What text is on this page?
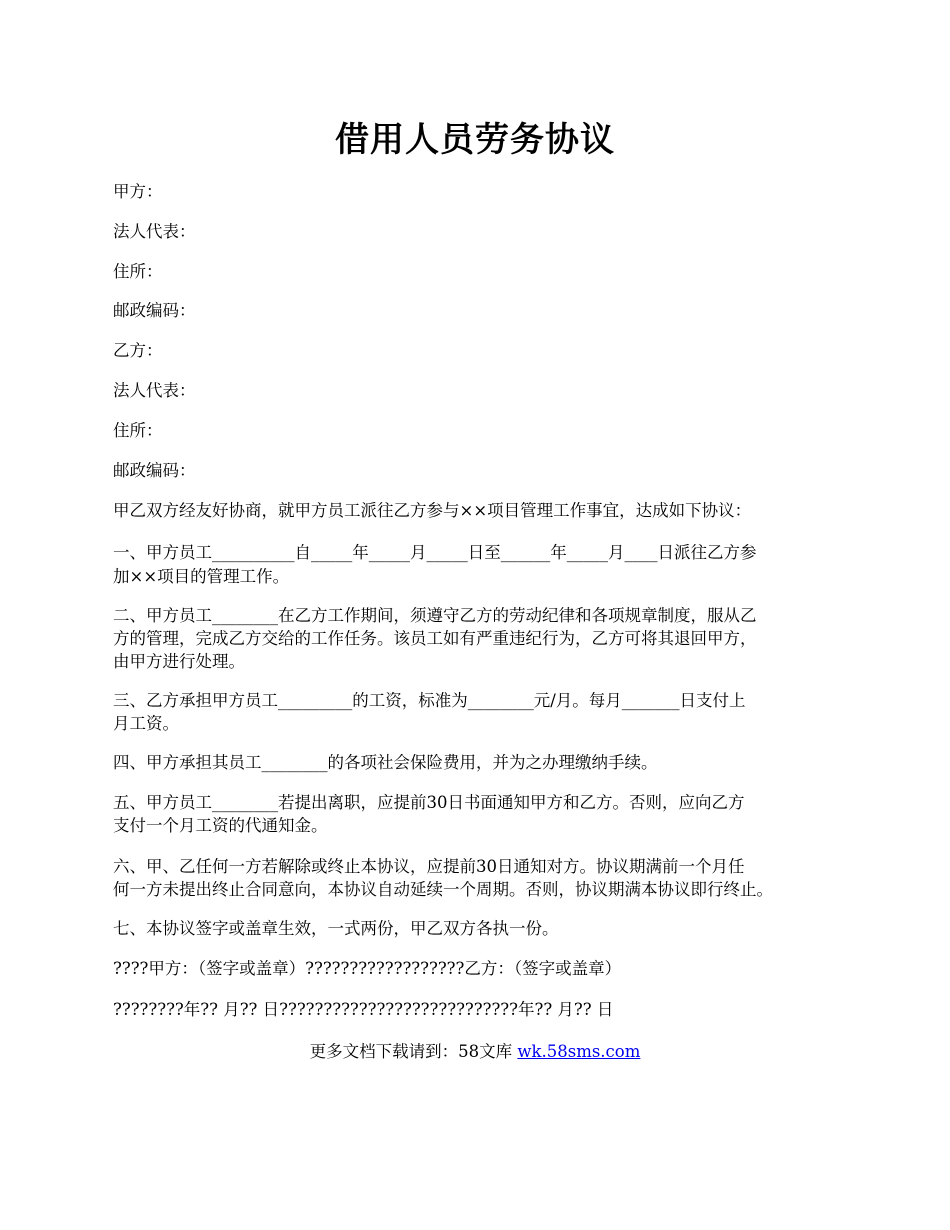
借用人员劳务协议
甲方：
法人代表：
住所：
邮政编码：
乙方：
法人代表：
住所：
邮政编码：
甲乙双方经友好协商，就甲方员工派往乙方参与××项目管理工作事宜，达成如下协议：
一、甲方员工__________自_____年_____月_____日至______年_____月____日派往乙方参
加××项目的管理工作。
二、甲方员工________在乙方工作期间，须遵守乙方的劳动纪律和各项规章制度，服从乙
方的管理，完成乙方交给的工作任务。该员工如有严重违纪行为，乙方可将其退回甲方，
由甲方进行处理。
三、乙方承担甲方员工_________的工资，标准为________元/月。每月_______日支付上
月工资。
四、甲方承担其员工________的各项社会保险费用，并为之办理缴纳手续。
五、甲方员工________若提出离职，应提前30日书面通知甲方和乙方。否则，应向乙方
支付一个月工资的代通知金。
六、甲、乙任何一方若解除或终止本协议，应提前30日通知对方。协议期满前一个月任
何一方未提出终止合同意向，本协议自动延续一个周期。否则，协议期满本协议即行终止。
七、本协议签字或盖章生效，一式两份，甲乙双方各执一份。
????甲方：（签字或盖章）??????????????????乙方：（签字或盖章）
????????年?? 月?? 日???????????????????????????年?? 月?? 日
更多文档下载请到：58文库 wk.58sms.com
